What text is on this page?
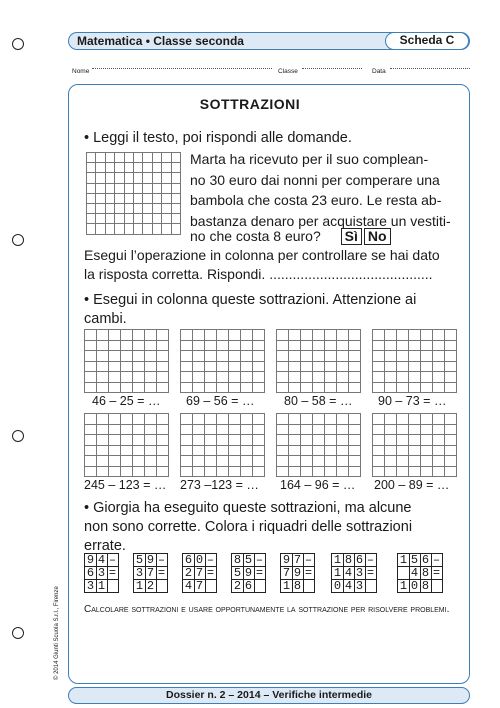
Matematica • Classe seconda	Scheda C
Nome	Classe	Data
SOTTRAZIONI
• Leggi il testo, poi rispondi alle domande.
Marta ha ricevuto per il suo complean-
no 30 euro dai nonni per comperare una
bambola che costa 23 euro. Le resta ab-
bastanza denaro per acquistare un vestiti-
no che costa 8 euro? Sì No
Esegui l’operazione in colonna per controllare se hai dato
la risposta corretta. Rispondi. ..........................................
• Esegui in colonna queste sottrazioni. Attenzione ai
cambi.
46 – 25 = … 69 – 56 = … 80 – 58 = … 90 – 73 = …
245 – 123 = … 273 –123 = … 164 – 96 = … 200 – 89 = …
• Giorgia ha eseguito queste sottrazioni, ma alcune
non sono corrette. Colora i riquadri delle sottrazioni
errate.
9 4 –
6 3 =
3 1
5 9 –
3 7 =
1 2
6 0 –
2 7 =
4 7
8 5 –
5 9 =
2 6
9 7 –
7 9 =
1 8
1 8 6 –
1 4 3 =
0 4 3
1 5 6 –
4 8 =
1 0 8
Calcolare sottrazioni e usare opportunamente la sottrazione per risolvere problemi.
Dossier n. 2 – 2014 – Verifiche intermedie
© 2014 Giunti Scuola S.r.l., Firenze
